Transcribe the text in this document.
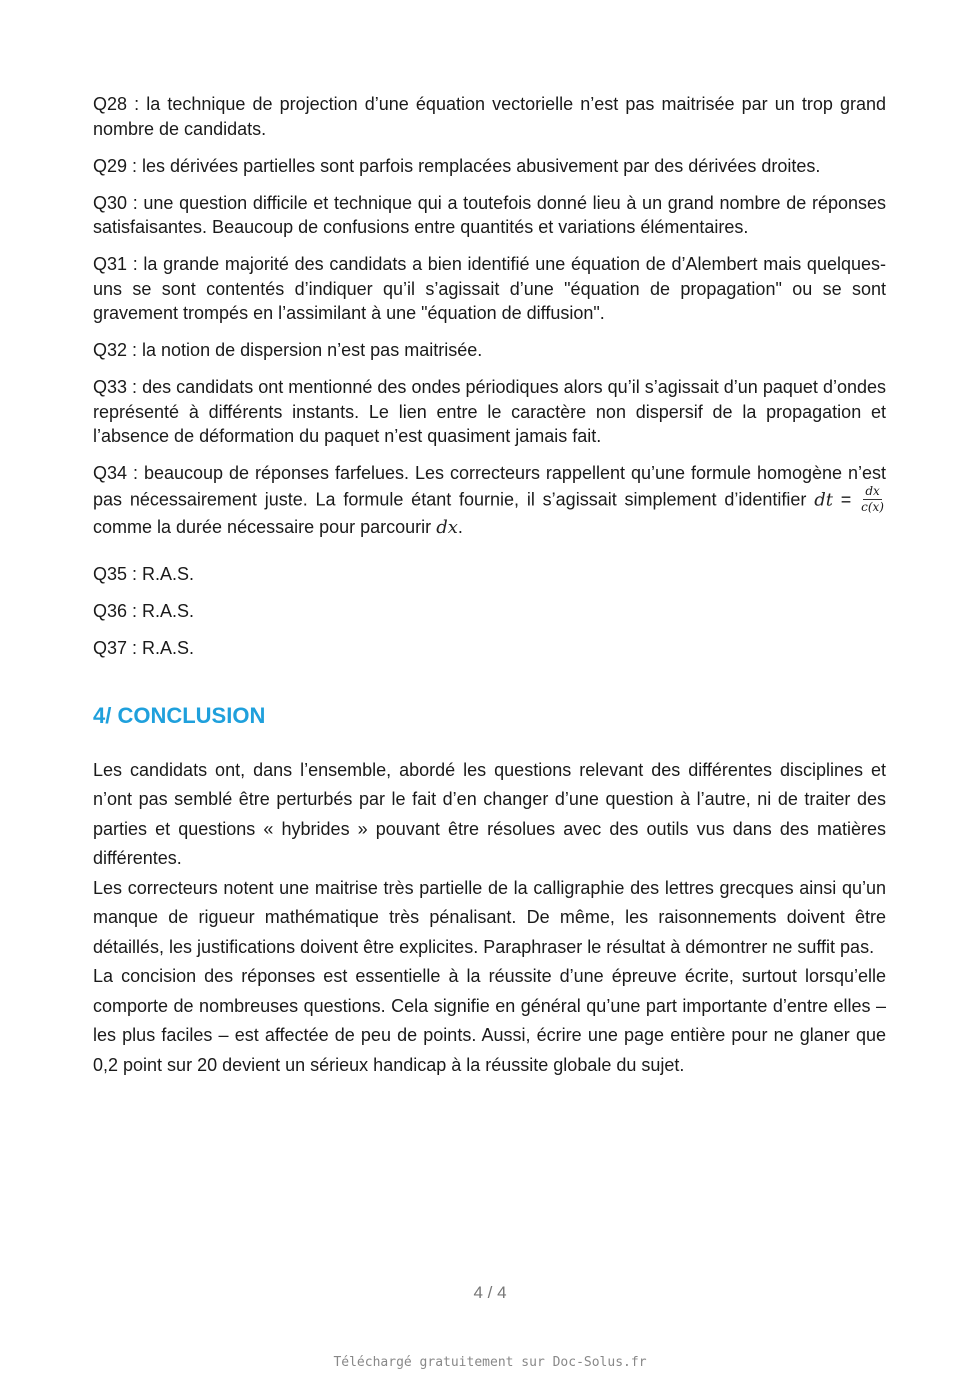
Q28 : la technique de projection d’une équation vectorielle n’est pas maitrisée par un trop grand nombre de candidats.

Q29 : les dérivées partielles sont parfois remplacées abusivement par des dérivées droites.

Q30 : une question difficile et technique qui a toutefois donné lieu à un grand nombre de réponses satisfaisantes. Beaucoup de confusions entre quantités et variations élémentaires.

Q31 : la grande majorité des candidats a bien identifié une équation de d’Alembert mais quelques-uns se sont contentés d’indiquer qu’il s’agissait d’une "équation de propagation" ou se sont gravement trompés en l’assimilant à une "équation de diffusion".

Q32 : la notion de dispersion n’est pas maitrisée.

Q33 : des candidats ont mentionné des ondes périodiques alors qu’il s’agissait d’un paquet d’ondes représenté à différents instants. Le lien entre le caractère non dispersif de la propagation et l’absence de déformation du paquet n’est quasiment jamais fait.

Q34 : beaucoup de réponses farfelues. Les correcteurs rappellent qu’une formule homogène n’est pas nécessairement juste. La formule étant fournie, il s’agissait simplement d’identifier dt = $\frac{dx}{c(x)}$
comme la durée nécessaire pour parcourir dx.

Q35 : R.A.S.

Q36 : R.A.S.

Q37 : R.A.S.

4/ CONCLUSION

Les candidats ont, dans l’ensemble, abordé les questions relevant des différentes disciplines et n’ont pas semblé être perturbés par le fait d’en changer d’une question à l’autre, ni de traiter des parties et questions « hybrides » pouvant être résolues avec des outils vus dans des matières différentes.

Les correcteurs notent une maitrise très partielle de la calligraphie des lettres grecques ainsi qu’un manque de rigueur mathématique très pénalisant. De même, les raisonnements doivent être détaillés, les justifications doivent être explicites. Paraphraser le résultat à démontrer ne suffit pas.

La concision des réponses est essentielle à la réussite d’une épreuve écrite, surtout lorsqu’elle comporte de nombreuses questions. Cela signifie en général qu’une part importante d’entre elles – les plus faciles – est affectée de peu de points. Aussi, écrire une page entière pour ne glaner que 0,2 point sur 20 devient un sérieux handicap à la réussite globale du sujet.

4 / 4
Téléchargé gratuitement sur Doc-Solus.fr
